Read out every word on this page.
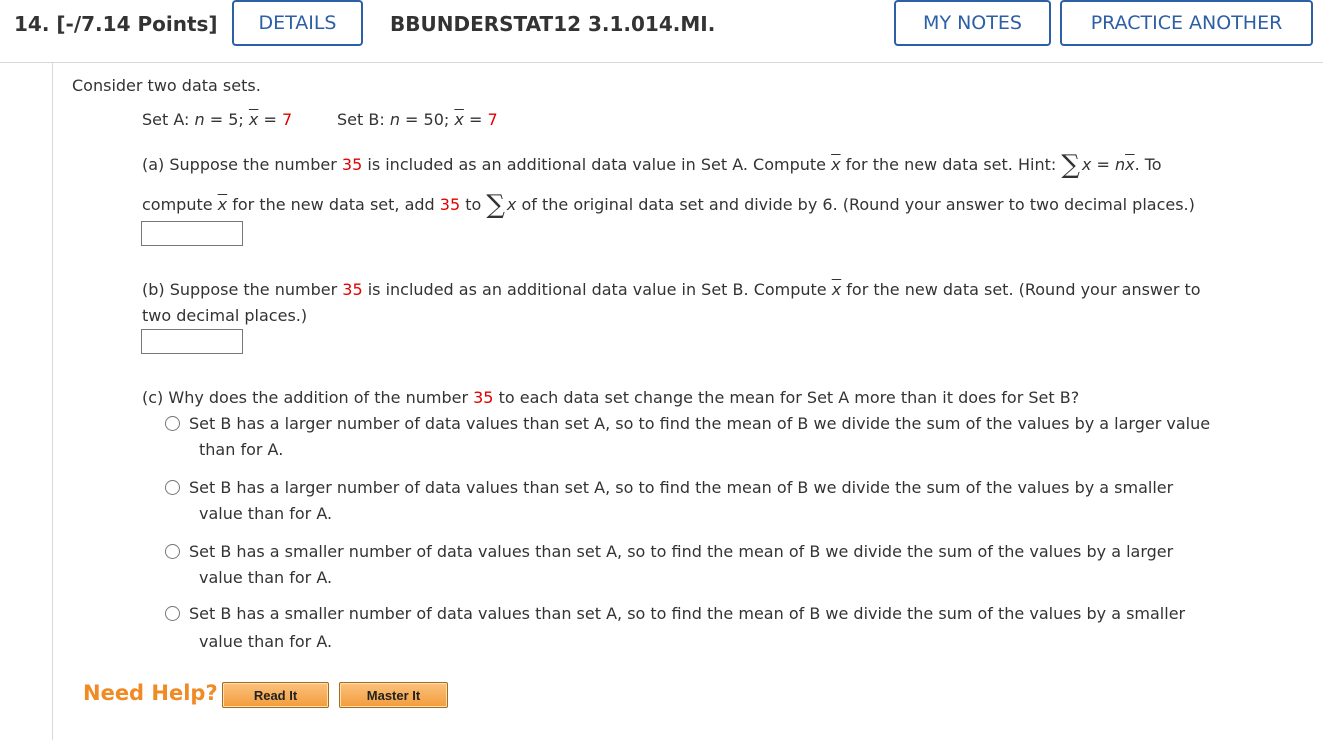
14. [-/7.14 Points]	DETAILS	BBUNDERSTAT12 3.1.014.MI.	MY NOTES	PRACTICE ANOTHER
Consider two data sets.
Set A: n = 5; $\overline{x} = 7$	Set B: n = 50; $\overline{x} = 7$
(a) Suppose the number 35 is included as an additional data value in Set A. Compute $\overline{x}$ for the new data set. Hint: ∑ $x = n\overline{x}$. To
compute $\overline{x}$ for the new data set, add 35 to ∑ x of the original data set and divide by 6. (Round your answer to two decimal places.)
(b) Suppose the number 35 is included as an additional data value in Set B. Compute $\overline{x}$ for the new data set. (Round your answer to
two decimal places.)
(c) Why does the addition of the number 35 to each data set change the mean for Set A more than it does for Set B?
Set B has a larger number of data values than set A, so to find the mean of B we divide the sum of the values by a larger value
than for A.
Set B has a larger number of data values than set A, so to find the mean of B we divide the sum of the values by a smaller
value than for A.
Set B has a smaller number of data values than set A, so to find the mean of B we divide the sum of the values by a larger
value than for A.
Set B has a smaller number of data values than set A, so to find the mean of B we divide the sum of the values by a smaller
value than for A.
Need Help?	Read It	Master It
